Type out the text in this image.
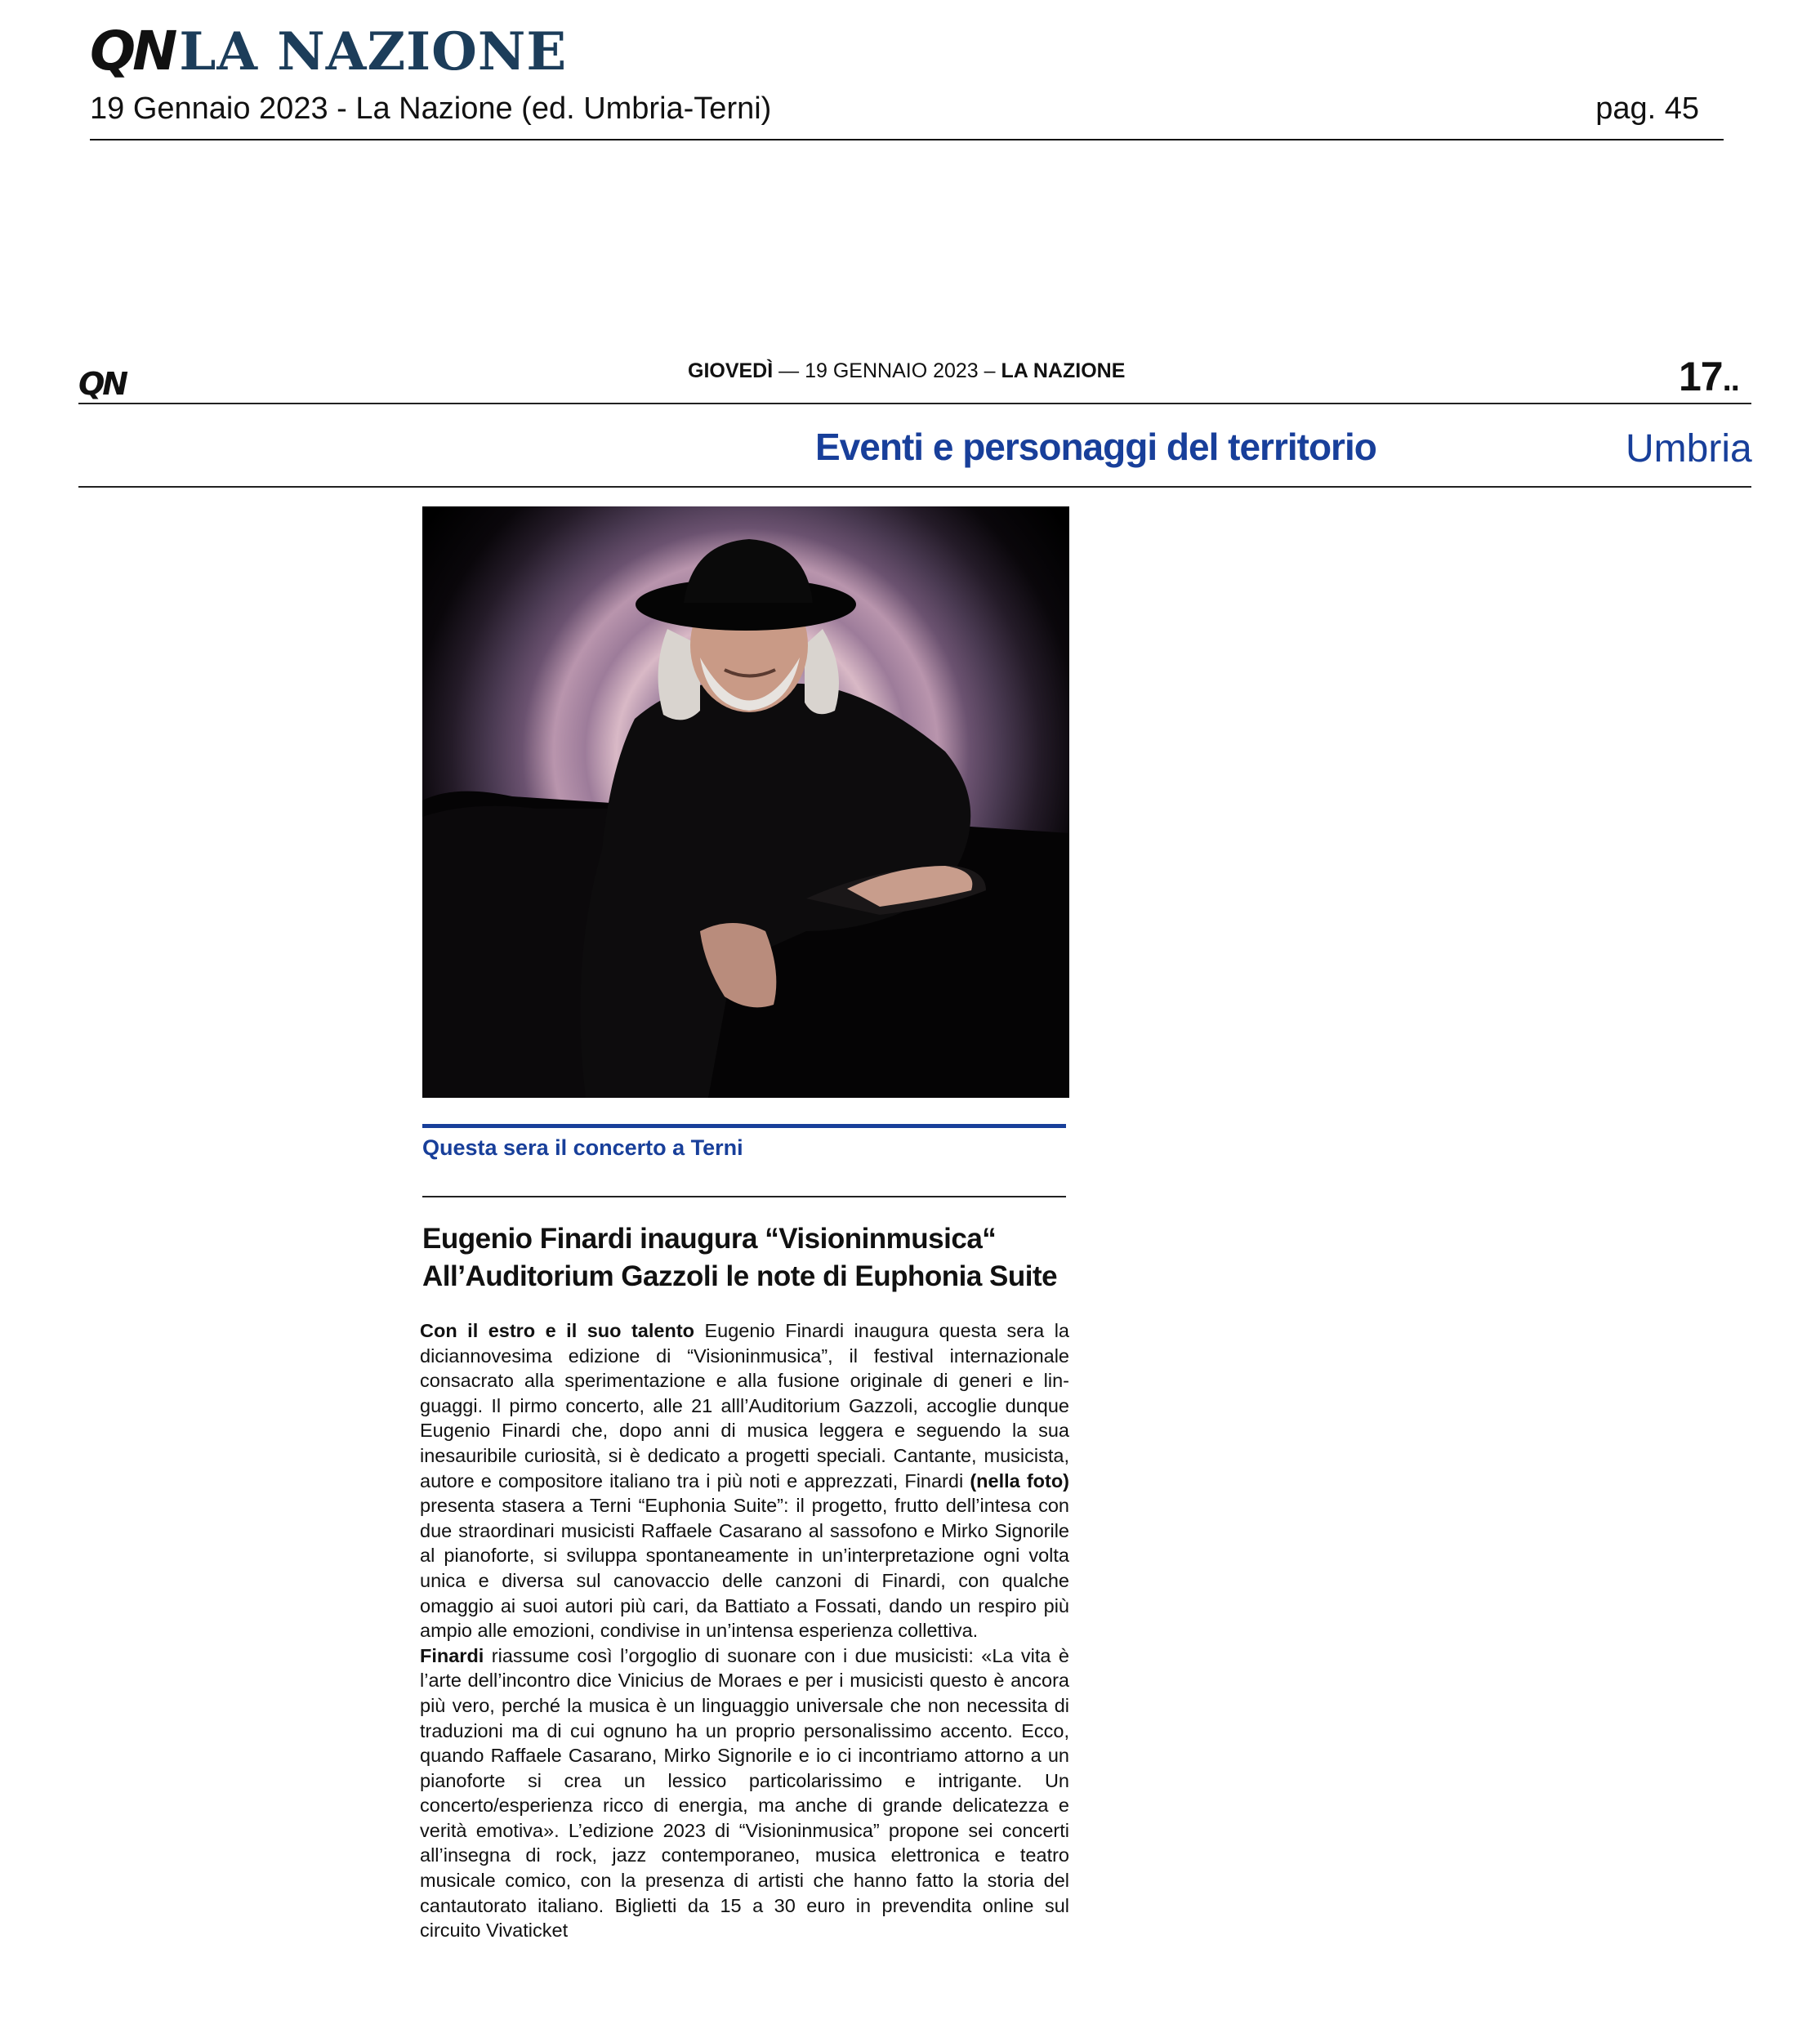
QN LA NAZIONE
19 Gennaio 2023 - La Nazione (ed. Umbria-Terni)	pag. 45
QN	GIOVEDÌ — 19 GENNAIO 2023 – LA NAZIONE	17..
Eventi e personaggi del territorio	Umbria
Questa sera il concerto a Terni
Eugenio Finardi inaugura “Visioninmusica“
All’Auditorium Gazzoli le note di Euphonia Suite

Con il estro e il suo talento Eugenio Finardi inaugura questa sera la diciannovesima edizione di “Visioninmusica”, il festival internazionale consacrato alla sperimentazione e alla fusione originale di generi e linguaggi. Il pirmo concerto, alle 21 alll’Auditorium Gazzoli, accoglie dunque Eugenio Finardi che, dopo anni di musica leggera e seguendo la sua inesauribile curiosità, si è dedicato a progetti speciali. Cantante, musicista, autore e compositore italiano tra i più noti e apprezzati, Finardi (nella foto) presenta stasera a Terni “Euphonia Suite”: il progetto, frutto dell’intesa con due straordinari musicisti Raffaele Casarano al sassofono e Mirko Signorile al pianoforte, si sviluppa spontaneamente in un’interpretazione ogni volta unica e diversa sul canovaccio delle canzoni di Finardi, con qualche omaggio ai suoi autori più cari, da Battiato a Fossati, dando un respiro più ampio alle emozioni, condivise in un’intensa esperienza collettiva.

Finardi riassume così l’orgoglio di suonare con i due musicisti: «La vita è l’arte dell’incontro dice Vinicius de Moraes e per i musicisti questo è ancora più vero, perché la musica è un linguaggio universale che non necessita di traduzioni ma di cui ognuno ha un proprio personalissimo accento. Ecco, quando Raffaele Casarano, Mirko Signorile e io ci incontriamo attorno a un pianoforte si crea un lessico particolarissimo e intrigante. Un concerto/esperienza ricco di energia, ma anche di grande delicatezza e verità emotiva». L’edizione 2023 di “Visioninmusica” propone sei concerti all’insegna di rock, jazz contemporaneo, musica elettronica e teatro musicale comico, con la presenza di artisti che hanno fatto la storia del cantautorato italiano. Biglietti da 15 a 30 euro in prevendita online sul circuito Vivaticket
